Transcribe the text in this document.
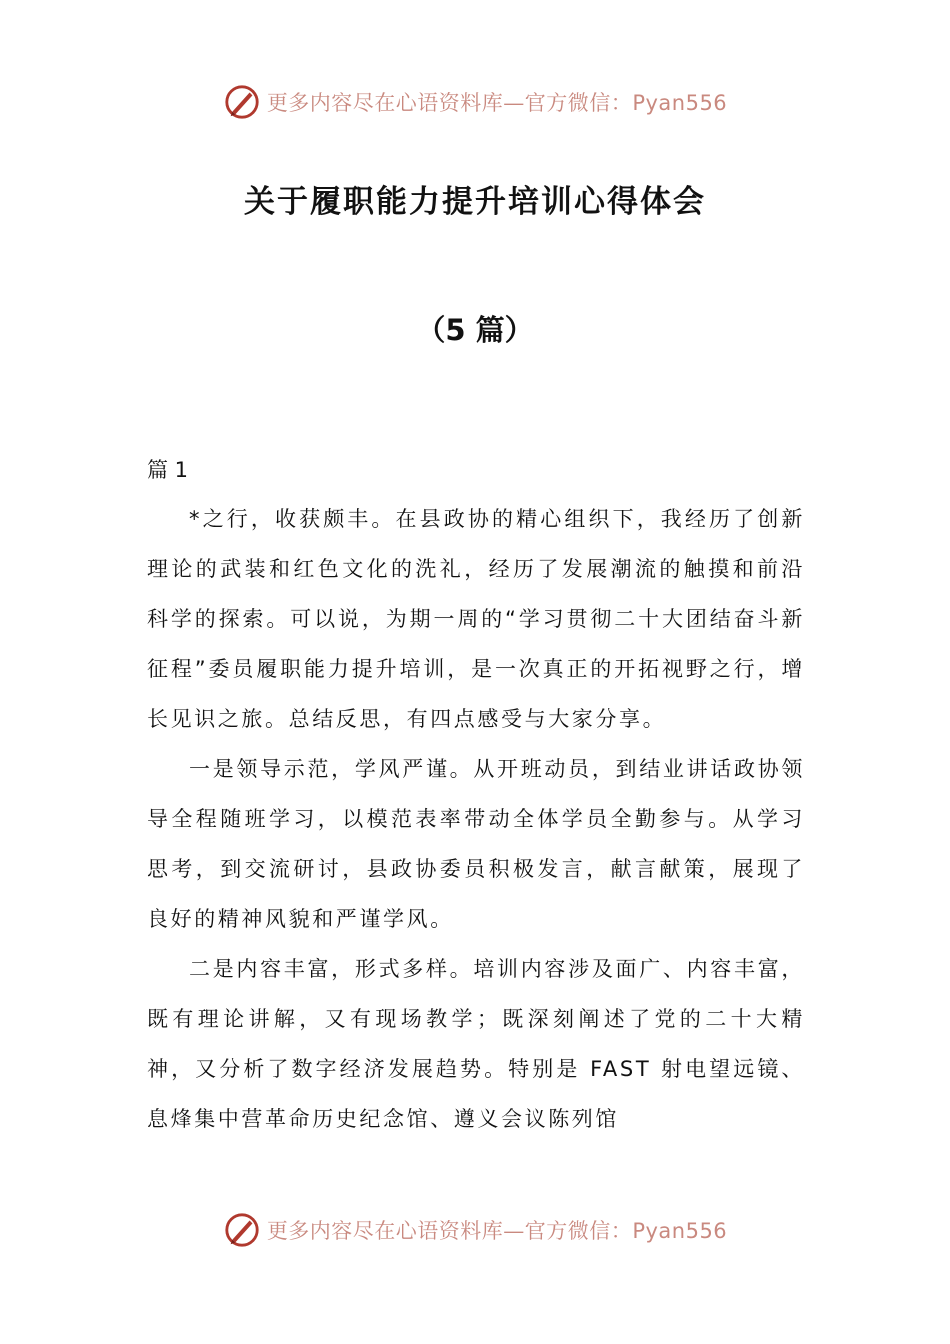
更多内容尽在心语资料库—官方微信：Pyan556
关于履职能力提升培训心得体会
（5 篇）
篇 1

*之行，收获颇丰。在县政协的精心组织下，我经历了创新理论的武装和红色文化的洗礼，经历了发展潮流的触摸和前沿科学的探索。可以说，为期一周的“学习贯彻二十大团结奋斗新征程”委员履职能力提升培训，是一次真正的开拓视野之行，增长见识之旅。总结反思，有四点感受与大家分享。

一是领导示范，学风严谨。从开班动员，到结业讲话政协领导全程随班学习，以模范表率带动全体学员全勤参与。从学习思考，到交流研讨，县政协委员积极发言，献言献策，展现了良好的精神风貌和严谨学风。

二是内容丰富，形式多样。培训内容涉及面广、内容丰富，既有理论讲解，又有现场教学；既深刻阐述了党的二十大精神，又分析了数字经济发展趋势。特别是 FAST 射电望远镜、息烽集中营革命历史纪念馆、遵义会议陈列馆

更多内容尽在心语资料库—官方微信：Pyan556
